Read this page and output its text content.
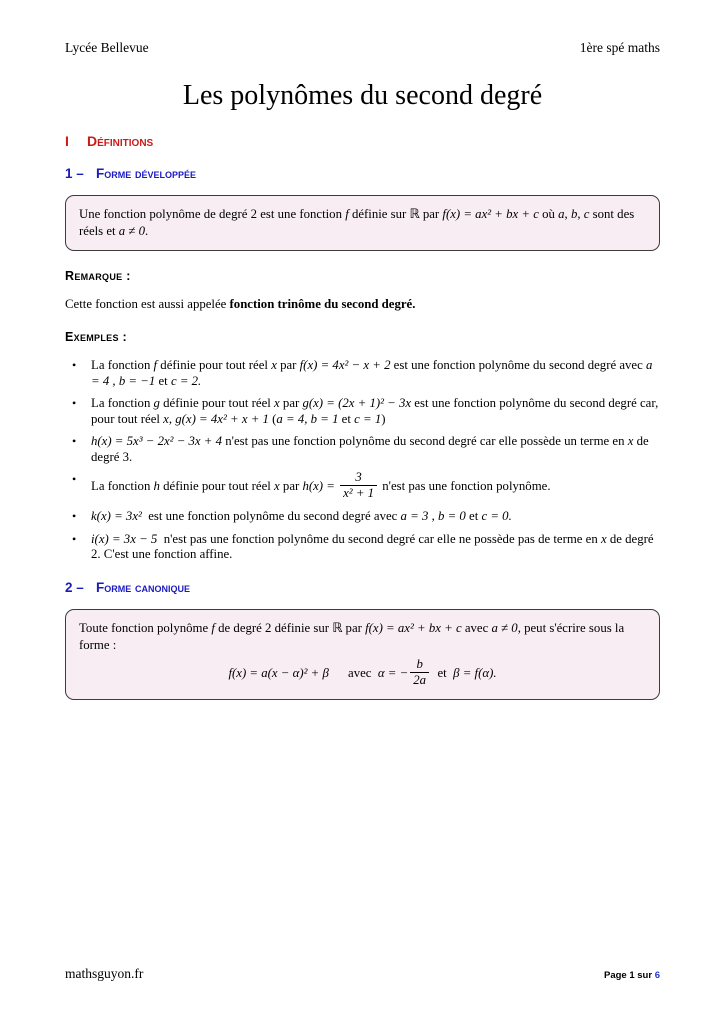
Lycée Bellevue	1ère spé maths
Les polynômes du second degré
I	Définitions
1 – Forme développée
Une fonction polynôme de degré 2 est une fonction f définie sur ℝ par f(x) = ax² + bx + c où a, b, c sont des réels et a ≠ 0.
Remarque :
Cette fonction est aussi appelée fonction trinôme du second degré.
Exemples :
•	La fonction f définie pour tout réel x par f(x) = 4x² − x + 2 est une fonction polynôme du second degré avec a = 4 , b = −1 et c = 2.
•	La fonction g définie pour tout réel x par g(x) = (2x + 1)² − 3x est une fonction polynôme du second degré car, pour tout réel x, g(x) = 4x² + x + 1 (a = 4, b = 1 et c = 1)
•	h(x) = 5x³ − 2x² − 3x + 4 n'est pas une fonction polynôme du second degré car elle possède un terme en x de degré 3.
•
La fonction h définie pour tout réel x par $h(x) = \frac{3}{\text{x² + 1}} n'est$ pas une fonction polynôme.
•	k(x) = 3x²  est une fonction polynôme du second degré avec a = 3 , b = 0 et c = 0.
•	i(x) = 3x − 5  n'est pas une fonction polynôme du second degré car elle ne possède pas de terme en x de degré 2. C'est une fonction affine.
2 – Forme canonique
Toute fonction polynôme f de degré 2 définie sur ℝ par f(x) = ax² + bx + c avec a ≠ 0, peut s'écrire sous la forme :
f(x) = a(x − α)² + β      avec  α = − $\frac{b}{2a}$ et  β = f(α).
mathsguyon.fr	Page 1 sur 6
